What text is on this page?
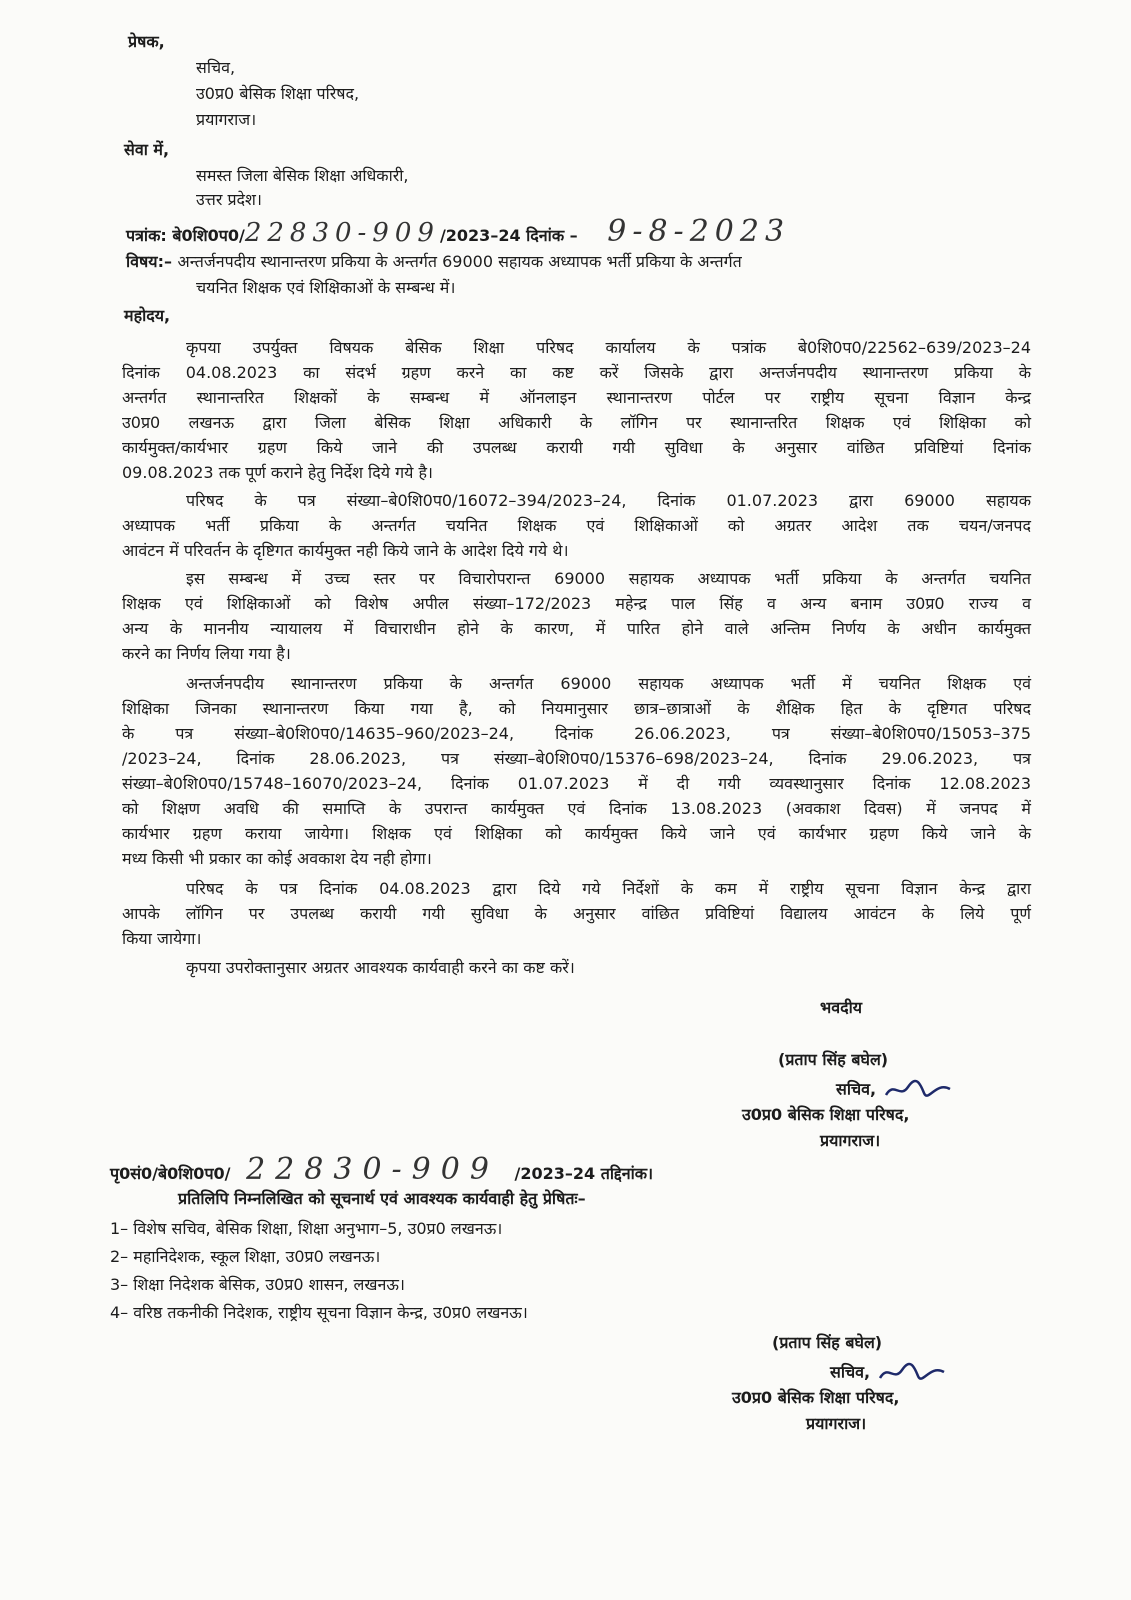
प्रेषक,
सचिव,
उ0प्र0 बेसिक शिक्षा परिषद,
प्रयागराज।
सेवा में,
समस्त जिला बेसिक शिक्षा अधिकारी,
उत्तर प्रदेश।
पत्रांक: बे0शि0प0/22830-909/2023–24 दिनांक – 9-8-2023
विषय:– अन्तर्जनपदीय स्थानान्तरण प्रकिया के अन्तर्गत 69000 सहायक अध्यापक भर्ती प्रकिया के अन्तर्गत
चयनित शिक्षक एवं शिक्षिकाओं के सम्बन्ध में।
महोदय,
कृपया उपर्युक्त विषयक बेसिक शिक्षा परिषद कार्यालय के पत्रांक बे0शि0प0/22562–639/2023–24
दिनांक 04.08.2023 का संदर्भ ग्रहण करने का कष्ट करें जिसके द्वारा अन्तर्जनपदीय स्थानान्तरण प्रकिया के
अन्तर्गत स्थानान्तरित शिक्षकों के सम्बन्ध में ऑनलाइन स्थानान्तरण पोर्टल पर राष्ट्रीय सूचना विज्ञान केन्द्र
उ0प्र0 लखनऊ द्वारा जिला बेसिक शिक्षा अधिकारी के लॉगिन पर स्थानान्तरित शिक्षक एवं शिक्षिका को
कार्यमुक्त/कार्यभार ग्रहण किये जाने की उपलब्ध करायी गयी सुविधा के अनुसार वांछित प्रविष्टियां दिनांक
09.08.2023 तक पूर्ण कराने हेतु निर्देश दिये गये है।
परिषद के पत्र संख्या–बे0शि0प0/16072–394/2023–24, दिनांक 01.07.2023 द्वारा 69000 सहायक
अध्यापक भर्ती प्रकिया के अन्तर्गत चयनित शिक्षक एवं शिक्षिकाओं को अग्रतर आदेश तक चयन/जनपद
आवंटन में परिवर्तन के दृष्टिगत कार्यमुक्त नही किये जाने के आदेश दिये गये थे।
इस सम्बन्ध में उच्च स्तर पर विचारोपरान्त 69000 सहायक अध्यापक भर्ती प्रकिया के अन्तर्गत चयनित
शिक्षक एवं शिक्षिकाओं को विशेष अपील संख्या–172/2023 महेन्द्र पाल सिंह व अन्य बनाम उ0प्र0 राज्य व
अन्य के माननीय न्यायालय में विचाराधीन होने के कारण, में पारित होने वाले अन्तिम निर्णय के अधीन कार्यमुक्त
करने का निर्णय लिया गया है।
अन्तर्जनपदीय स्थानान्तरण प्रकिया के अन्तर्गत 69000 सहायक अध्यापक भर्ती में चयनित शिक्षक एवं
शिक्षिका जिनका स्थानान्तरण किया गया है, को नियमानुसार छात्र–छात्राओं के शैक्षिक हित के दृष्टिगत परिषद
के पत्र संख्या–बे0शि0प0/14635–960/2023–24, दिनांक 26.06.2023, पत्र संख्या–बे0शि0प0/15053–375
/2023–24, दिनांक 28.06.2023, पत्र संख्या–बे0शि0प0/15376–698/2023–24, दिनांक 29.06.2023, पत्र
संख्या–बे0शि0प0/15748–16070/2023–24, दिनांक 01.07.2023 में दी गयी व्यवस्थानुसार दिनांक 12.08.2023
को शिक्षण अवधि की समाप्ति के उपरान्त कार्यमुक्त एवं दिनांक 13.08.2023 (अवकाश दिवस) में जनपद में
कार्यभार ग्रहण कराया जायेगा। शिक्षक एवं शिक्षिका को कार्यमुक्त किये जाने एवं कार्यभार ग्रहण किये जाने के
मध्य किसी भी प्रकार का कोई अवकाश देय नही होगा।
परिषद के पत्र दिनांक 04.08.2023 द्वारा दिये गये निर्देशों के कम में राष्ट्रीय सूचना विज्ञान केन्द्र द्वारा
आपके लॉगिन पर उपलब्ध करायी गयी सुविधा के अनुसार वांछित प्रविष्टियां विद्यालय आवंटन के लिये पूर्ण
किया जायेगा।
कृपया उपरोक्तानुसार अग्रतर आवश्यक कार्यवाही करने का कष्ट करें।
भवदीय
(प्रताप सिंह बघेल)
सचिव,
उ0प्र0 बेसिक शिक्षा परिषद,
प्रयागराज।
पृ0सं0/बे0शि0प0/ 22830-909 /2023–24 तद्दिनांक।
प्रतिलिपि निम्नलिखित को सूचनार्थ एवं आवश्यक कार्यवाही हेतु प्रेषितः–
1– विशेष सचिव, बेसिक शिक्षा, शिक्षा अनुभाग–5, उ0प्र0 लखनऊ।
2– महानिदेशक, स्कूल शिक्षा, उ0प्र0 लखनऊ।
3– शिक्षा निदेशक बेसिक, उ0प्र0 शासन, लखनऊ।
4– वरिष्ठ तकनीकी निदेशक, राष्ट्रीय सूचना विज्ञान केन्द्र, उ0प्र0 लखनऊ।
(प्रताप सिंह बघेल)
सचिव,
उ0प्र0 बेसिक शिक्षा परिषद,
प्रयागराज।
